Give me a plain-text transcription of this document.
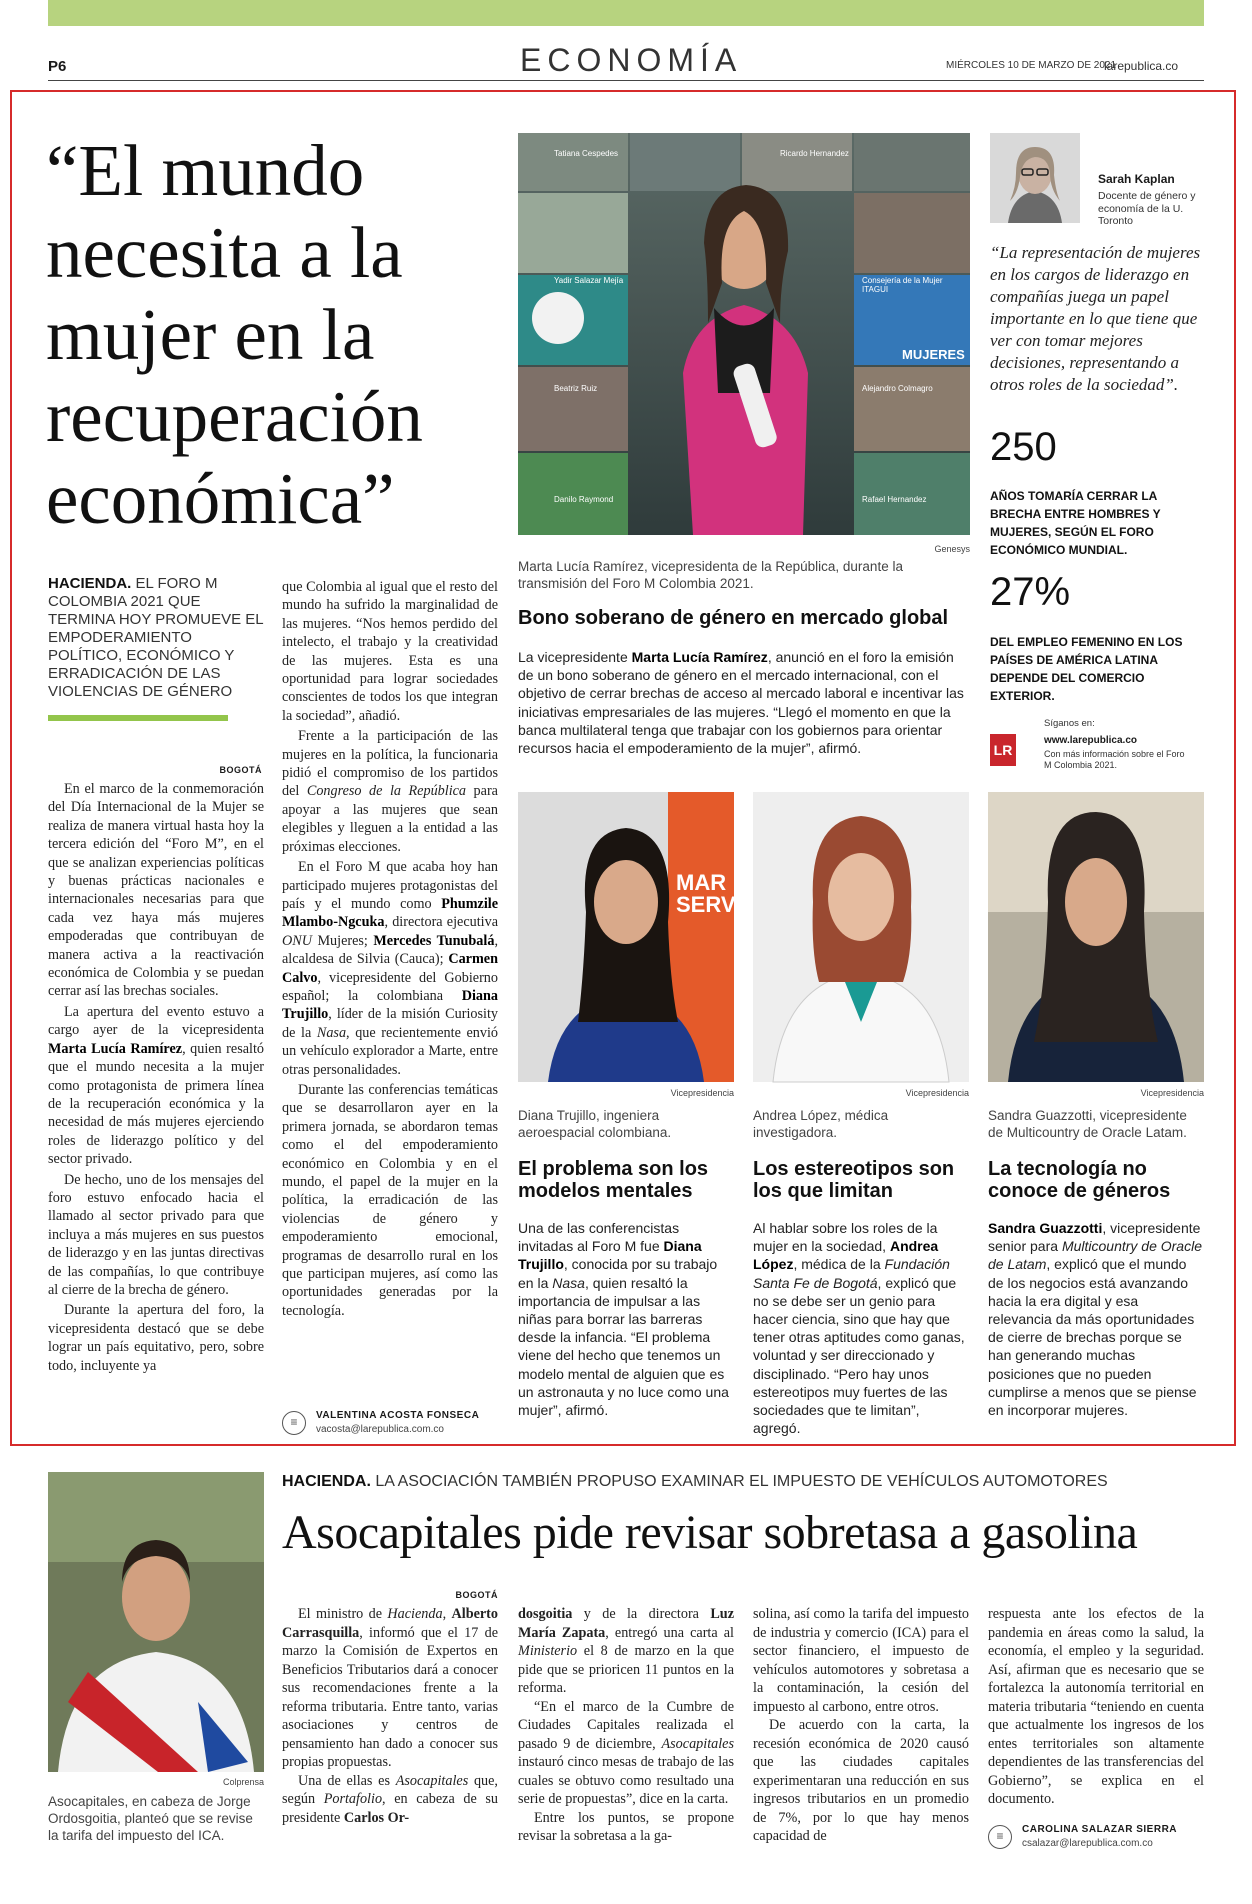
P6	ECONOMÍA	MIÉRCOLES 10 DE MARZO DE 2021
larepublica.co
“El mundo necesita a la mujer en la recuperación económica”
HACIENDA. EL FORO M COLOMBIA 2021 QUE TERMINA HOY PROMUEVE EL EMPODERAMIENTO POLÍTICO, ECONÓMICO Y ERRADICACIÓN DE LAS VIOLENCIAS DE GÉNERO
BOGOTÁ

En el marco de la conmemoración del Día Internacional de la Mujer se realiza de manera virtual hasta hoy la tercera edición del “Foro M”, en el que se analizan experiencias políticas y buenas prácticas nacionales e internacionales necesarias para que cada vez haya más mujeres empoderadas que contribuyan de manera activa a la reactivación económica de Colombia y se puedan cerrar así las brechas sociales.

La apertura del evento estuvo a cargo ayer de la vicepresidenta Marta Lucía Ramírez, quien resaltó que el mundo necesita a la mujer como protagonista de primera línea de la recuperación económica y la necesidad de más mujeres ejerciendo roles de liderazgo político y del sector privado.

De hecho, uno de los mensajes del foro estuvo enfocado hacia el llamado al sector privado para que incluya a más mujeres en sus puestos de liderazgo y en las juntas directivas de las compañías, lo que contribuye al cierre de la brecha de género.

Durante la apertura del foro, la vicepresidenta destacó que se debe lograr un país equitativo, pero, sobre todo, incluyente ya

que Colombia al igual que el resto del mundo ha sufrido la marginalidad de las mujeres. “Nos hemos perdido del intelecto, el trabajo y la creatividad de las mujeres. Esta es una oportunidad para lograr sociedades conscientes de todos los que integran la sociedad”, añadió.

Frente a la participación de las mujeres en la política, la funcionaria pidió el compromiso de los partidos del Congreso de la República para apoyar a las mujeres que sean elegibles y lleguen a la entidad a las próximas elecciones.

En el Foro M que acaba hoy han participado mujeres protagonistas del país y el mundo como Phumzile Mlambo-Ngcuka, directora ejecutiva ONU Mujeres; Mercedes Tunubalá, alcaldesa de Silvia (Cauca); Carmen Calvo, vicepresidente del Gobierno español; la colombiana Diana Trujillo, líder de la misión Curiosity de la Nasa, que recientemente envió un vehículo explorador a Marte, entre otras personalidades.

Durante las conferencias temáticas que se desarrollaron ayer en la primera jornada, se abordaron temas como el del empoderamiento económico en Colombia y en el mundo, el papel de la mujer en la política, la erradicación de las violencias de género y empoderamiento emocional, programas de desarrollo rural en los que participan mujeres, así como las oportunidades generadas por la tecnología.

≡	VALENTINA ACOSTA FONSECA
vacosta@larepublica.com.co
Tatiana Cespedes	Ricardo Hernandez
Yadir Salazar Mejía	Consejería de la Mujer ITAGUI
Beatriz Ruiz	Alejandro Colmagro
Danilo Raymond	Rafael Hernandez
MUJERES
Genesys
Marta Lucía Ramírez, vicepresidenta de la República, durante la transmisión del Foro M Colombia 2021.
Bono soberano de género en mercado global
La vicepresidente Marta Lucía Ramírez, anunció en el foro la emisión de un bono soberano de género en el mercado internacional, con el objetivo de cerrar brechas de acceso al mercado laboral e incentivar las iniciativas empresariales de las mujeres. “Llegó el momento en que la banca multilateral tenga que trabajar con los gobiernos para orientar recursos hacia el empoderamiento de la mujer”, afirmó.
Sarah Kaplan
Docente de género y economía de la U. Toronto
“La representación de mujeres en los cargos de liderazgo en compañías juega un papel importante en lo que tiene que ver con tomar mejores decisiones, representando a otros roles de la sociedad”.
250
AÑOS TOMARÍA CERRAR LA BRECHA ENTRE HOMBRES Y MUJERES, SEGÚN EL FORO ECONÓMICO MUNDIAL.
27%
DEL EMPLEO FEMENINO EN LOS PAÍSES DE AMÉRICA LATINA DEPENDE DEL COMERCIO EXTERIOR.
LR
Síganos en:
www.larepublica.co
Con más información sobre el Foro M Colombia 2021.
MAR SERVE
Vicepresidencia
Diana Trujillo, ingeniera aeroespacial colombiana.
El problema son los modelos mentales
Una de las conferencistas invitadas al Foro M fue Diana Trujillo, conocida por su trabajo en la Nasa, quien resaltó la importancia de impulsar a las niñas para borrar las barreras desde la infancia. “El problema viene del hecho que tenemos un modelo mental de alguien que es un astronauta y no luce como una mujer”, afirmó.
Vicepresidencia
Andrea López, médica investigadora.
Los estereotipos son los que limitan
Al hablar sobre los roles de la mujer en la sociedad, Andrea López, médica de la Fundación Santa Fe de Bogotá, explicó que no se debe ser un genio para hacer ciencia, sino que hay que tener otras aptitudes como ganas, voluntad y ser direccionado y disciplinado. “Pero hay unos estereotipos muy fuertes de las sociedades que te limitan”, agregó.
Vicepresidencia
Sandra Guazzotti, vicepresidente de Multicountry de Oracle Latam.
La tecnología no conoce de géneros
Sandra Guazzotti, vicepresidente senior para Multicountry de Oracle de Latam, explicó que el mundo de los negocios está avanzando hacia la era digital y esa relevancia da más oportunidades de cierre de brechas porque se han generando muchas posiciones que no pueden cumplirse a menos que se piense en incorporar mujeres.
Colprensa
Asocapitales, en cabeza de Jorge Ordosgoitia, planteó que se revise la tarifa del impuesto del ICA.
HACIENDA. LA ASOCIACIÓN TAMBIÉN PROPUSO EXAMINAR EL IMPUESTO DE VEHÍCULOS AUTOMOTORES
Asocapitales pide revisar sobretasa a gasolina
BOGOTÁ

El ministro de Hacienda, Alberto Carrasquilla, informó que el 17 de marzo la Comisión de Expertos en Beneficios Tributarios dará a conocer sus recomendaciones frente a la reforma tributaria. Entre tanto, varias asociaciones y centros de pensamiento han dado a conocer sus propias propuestas.

Una de ellas es Asocapitales que, según Portafolio, en cabeza de su presidente Carlos Or-

dosgoitia y de la directora Luz María Zapata, entregó una carta al Ministerio el 8 de marzo en la que pide que se prioricen 11 puntos en la reforma.

“En el marco de la Cumbre de Ciudades Capitales realizada el pasado 9 de diciembre, Asocapitales instauró cinco mesas de trabajo de las cuales se obtuvo como resultado una serie de propuestas”, dice en la carta.

Entre los puntos, se propone revisar la sobretasa a la ga-

solina, así como la tarifa del impuesto de industria y comercio (ICA) para el sector financiero, el impuesto de vehículos automotores y sobretasa a la contaminación, la cesión del impuesto al carbono, entre otros.

De acuerdo con la carta, la recesión económica de 2020 causó que las ciudades capitales experimentaran una reducción en sus ingresos tributarios en un promedio de 7%, por lo que hay menos capacidad de

respuesta ante los efectos de la pandemia en áreas como la salud, la economía, el empleo y la seguridad. Así, afirman que es necesario que se fortalezca la autonomía territorial en materia tributaria “teniendo en cuenta que actualmente los ingresos de los entes territoriales son altamente dependientes de las transferencias del Gobierno”, se explica en el documento.

≡	CAROLINA SALAZAR SIERRA
csalazar@larepublica.com.co
